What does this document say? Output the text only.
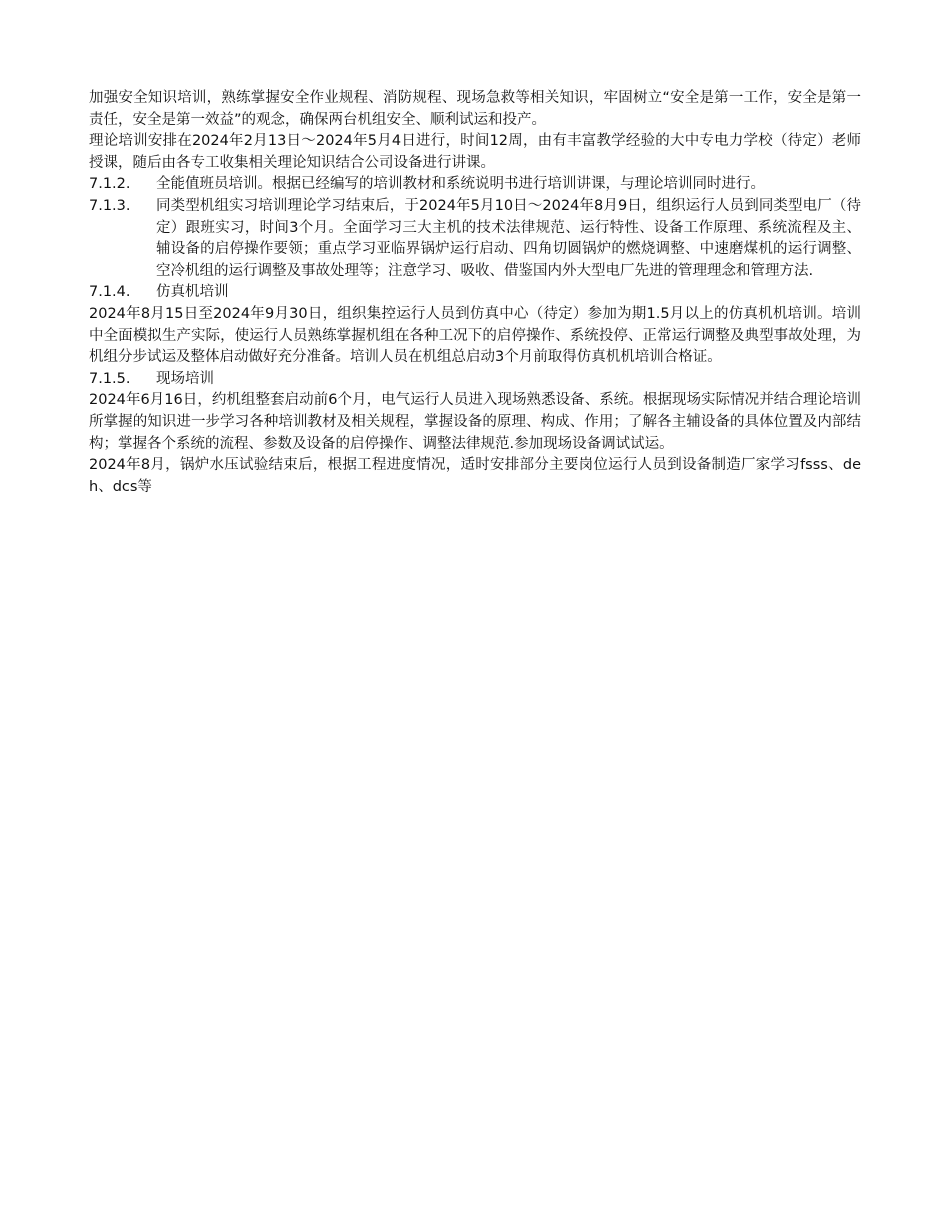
加强安全知识培训，熟练掌握安全作业规程、消防规程、现场急救等相关知识，牢固树立“安全是第一工作，安全是第一责任，安全是第一效益”的观念，确保两台机组安全、顺利试运和投产。

理论培训安排在2024年2月13日～2024年5月4日进行，时间12周，由有丰富教学经验的大中专电力学校（待定）老师授课，随后由各专工收集相关理论知识结合公司设备进行讲课。

7.1.2.	全能值班员培训。根据已经编写的培训教材和系统说明书进行培训讲课，与理论培训同时进行。
7.1.3.	同类型机组实习培训理论学习结束后，于2024年5月10日～2024年8月9日，组织运行人员到同类型电厂（待定）跟班实习，时间3个月。全面学习三大主机的技术法律规范、运行特性、设备工作原理、系统流程及主、辅设备的启停操作要领；重点学习亚临界锅炉运行启动、四角切圆锅炉的燃烧调整、中速磨煤机的运行调整、空冷机组的运行调整及事故处理等；注意学习、吸收、借鉴国内外大型电厂先进的管理理念和管理方法.

7.1.4. 仿真机培训

2024年8月15日至2024年9月30日，组织集控运行人员到仿真中心（待定）参加为期1.5月以上的仿真机机培训。培训中全面模拟生产实际，使运行人员熟练掌握机组在各种工况下的启停操作、系统投停、正常运行调整及典型事故处理，为机组分步试运及整体启动做好充分准备。培训人员在机组总启动3个月前取得仿真机机培训合格证。

7.1.5. 现场培训

2024年6月16日，约机组整套启动前6个月，电气运行人员进入现场熟悉设备、系统。根据现场实际情况并结合理论培训所掌握的知识进一步学习各种培训教材及相关规程，掌握设备的原理、构成、作用；了解各主辅设备的具体位置及内部结构；掌握各个系统的流程、参数及设备的启停操作、调整法律规范.参加现场设备调试试运。

2024年8月，锅炉水压试验结束后，根据工程进度情况，适时安排部分主要岗位运行人员到设备制造厂家学习fsss、deh、dcs等
